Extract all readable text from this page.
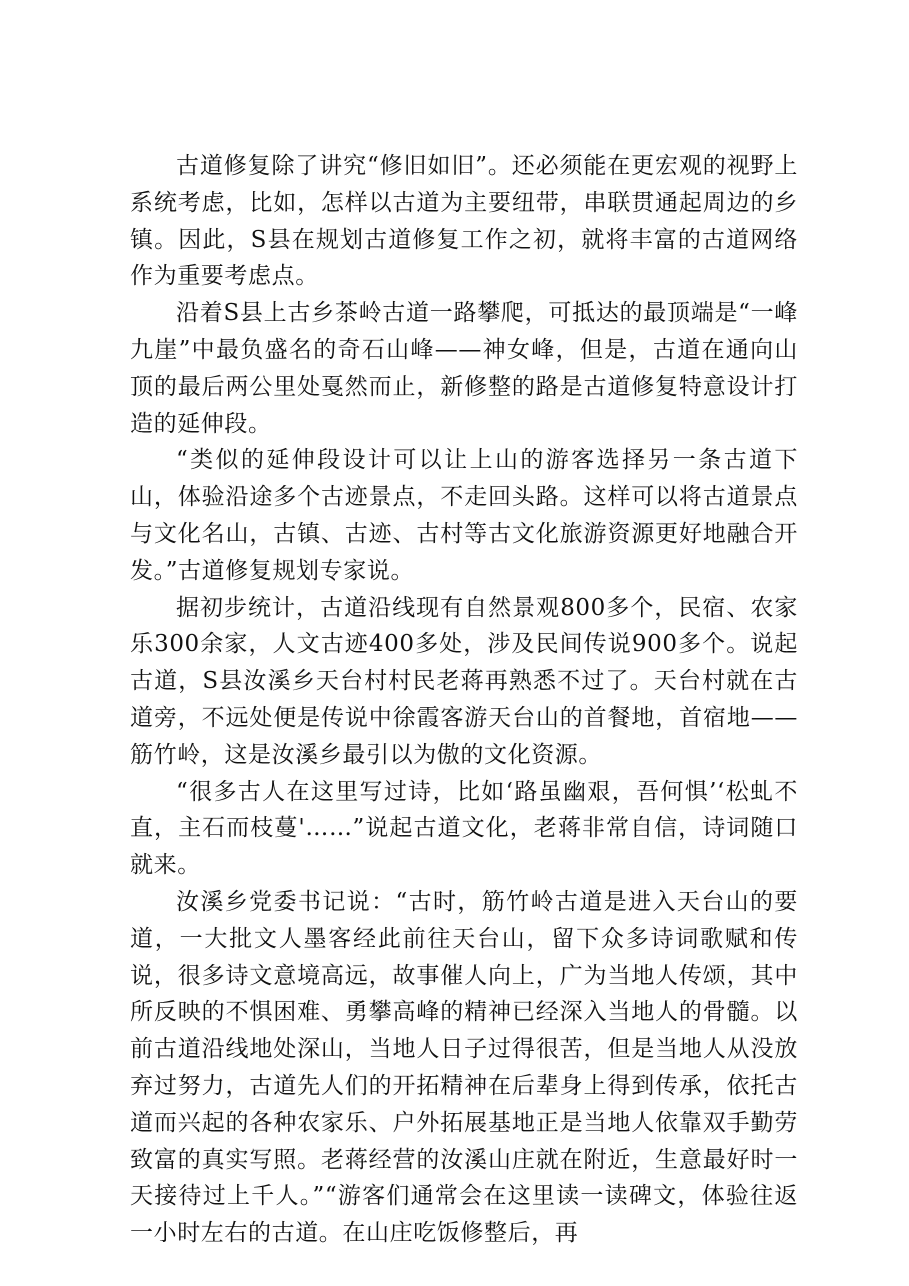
古道修复除了讲究“修旧如旧”。还必须能在更宏观的视野上系统考虑，比如，怎样以古道为主要纽带，串联贯通起周边的乡镇。因此，S县在规划古道修复工作之初，就将丰富的古道网络作为重要考虑点。

沿着S县上古乡茶岭古道一路攀爬，可抵达的最顶端是“一峰九崖”中最负盛名的奇石山峰——神女峰，但是，古道在通向山顶的最后两公里处戛然而止，新修整的路是古道修复特意设计打造的延伸段。

“类似的延伸段设计可以让上山的游客选择另一条古道下山，体验沿途多个古迹景点，不走回头路。这样可以将古道景点与文化名山，古镇、古迹、古村等古文化旅游资源更好地融合开发。”古道修复规划专家说。

据初步统计，古道沿线现有自然景观800多个，民宿、农家乐300余家，人文古迹400多处，涉及民间传说900多个。说起古道，S县汝溪乡天台村村民老蒋再熟悉不过了。天台村就在古道旁，不远处便是传说中徐霞客游天台山的首餐地，首宿地——筋竹岭，这是汝溪乡最引以为傲的文化资源。

“很多古人在这里写过诗，比如‘路虽幽艰，吾何惧’‘松虬不直，主石而枝蔓'……”说起古道文化，老蒋非常自信，诗词随口就来。

汝溪乡党委书记说：“古时，筋竹岭古道是进入天台山的要道，一大批文人墨客经此前往天台山，留下众多诗词歌赋和传说，很多诗文意境高远，故事催人向上，广为当地人传颂，其中所反映的不惧困难、勇攀高峰的精神已经深入当地人的骨髓。以前古道沿线地处深山，当地人日子过得很苦，但是当地人从没放弃过努力，古道先人们的开拓精神在后辈身上得到传承，依托古道而兴起的各种农家乐、户外拓展基地正是当地人依靠双手勤劳致富的真实写照。老蒋经营的汝溪山庄就在附近，生意最好时一天接待过上千人。”“游客们通常会在这里读一读碑文，体验往返一小时左右的古道。在山庄吃饭修整后，再
